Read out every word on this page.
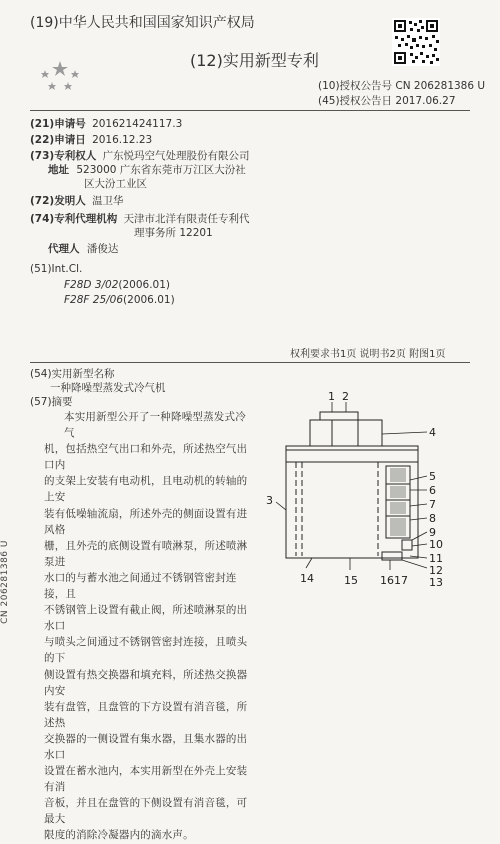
(19)中华人民共和国国家知识产权局
(12)实用新型专利
(10)授权公告号 CN 206281386 U
(45)授权公告日 2017.06.27
(21)申请号 201621424117.3
(22)申请日 2016.12.23
(73)专利权人 广东悦玛空气处理股份有限公司
地址 523000 广东省东莞市万江区大汾社
区大汾工业区
(72)发明人 温卫华
(74)专利代理机构 天津市北洋有限责任专利代
理事务所 12201
代理人 潘俊达
(51)Int.Cl.
F28D 3/02(2006.01)
F28F 25/06(2006.01)
权利要求书1页 说明书2页 附图1页
(54)实用新型名称
一种降噪型蒸发式冷气机
(57)摘要
本实用新型公开了一种降噪型蒸发式冷气
机，包括热空气出口和外壳，所述热空气出口内
的支架上安装有电动机，且电动机的转轴的上安
装有低噪轴流扇，所述外壳的侧面设置有进风格
栅，且外壳的底侧设置有喷淋泵，所述喷淋泵进
水口的与蓄水池之间通过不锈钢管密封连接，且
不锈钢管上设置有截止阀，所述喷淋泵的出水口
与喷头之间通过不锈钢管密封连接，且喷头的下
侧设置有热交换器和填充料，所述热交换器内安
装有盘管，且盘管的下方设置有消音毯，所述热
交换器的一侧设置有集水器，且集水器的出水口
设置在蓄水池内，本实用新型在外壳上安装有消
音板，并且在盘管的下侧设置有消音毯，可最大
限度的消除冷凝器内的滴水声。
1 2
4
3
5
6
7
8
9
10
11
12
13
14	15 1617
CN 206281386 U
